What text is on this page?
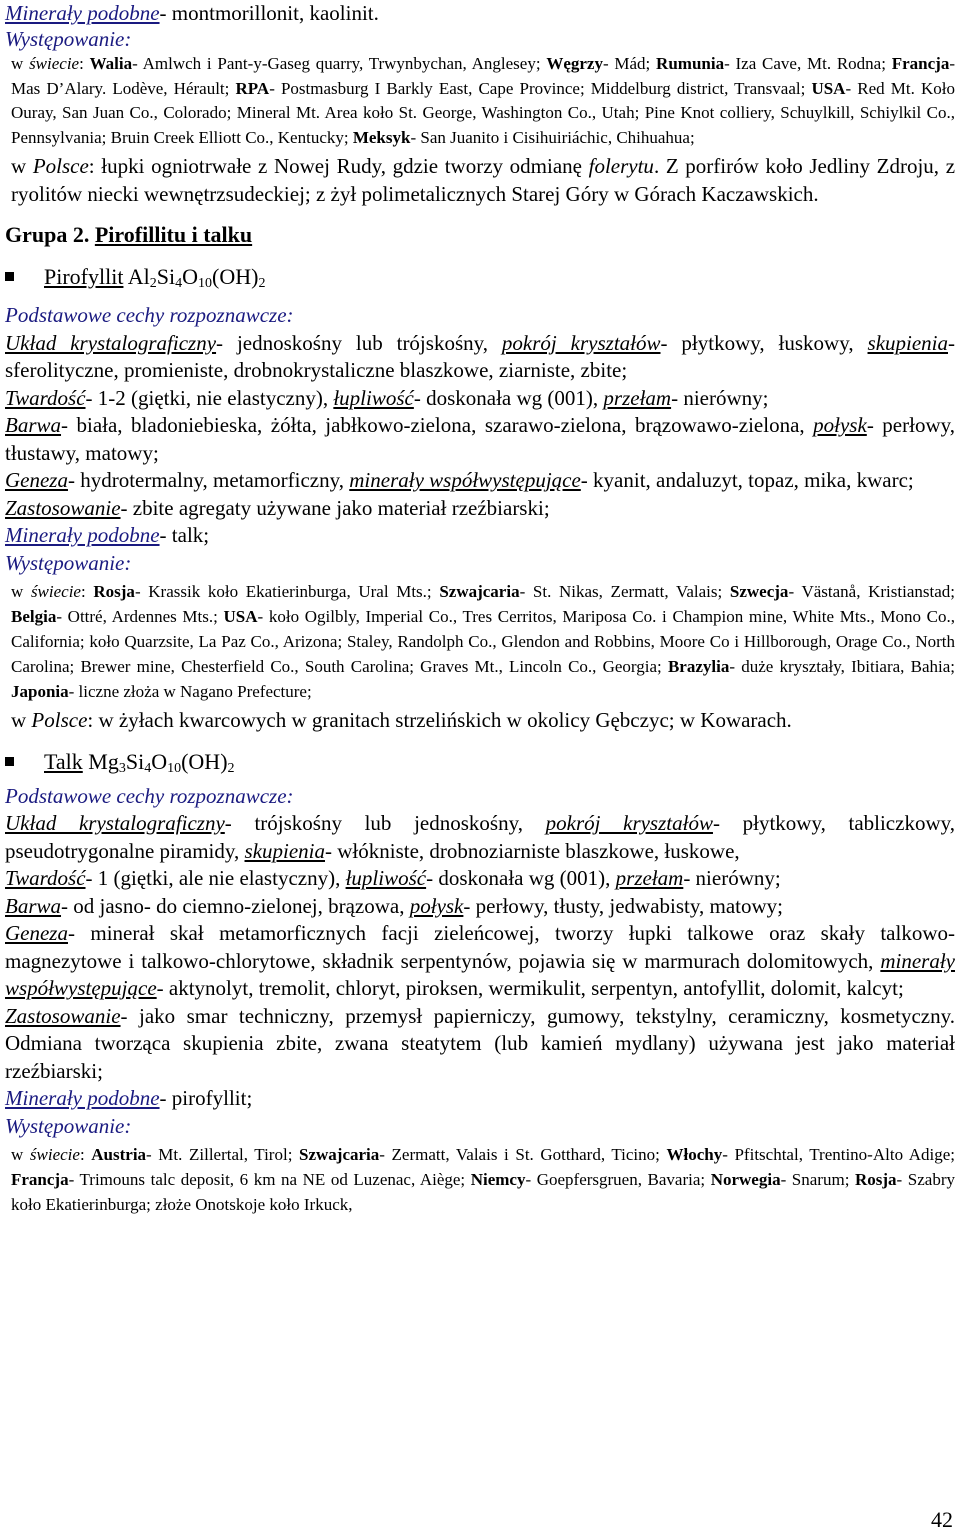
Minerały podobne- montmorillonit, kaolinit.

Występowanie:

w świecie: Walia- Amlwch i Pant-y-Gaseg quarry, Trwynbychan, Anglesey; Węgrzy- Mád; Rumunia- Iza Cave, Mt. Rodna; Francja- Mas D’Alary. Lodève, Hérault; RPA- Postmasburg I Barkly East, Cape Province; Middelburg district, Transvaal; USA- Red Mt. Koło Ouray, San Juan Co., Colorado; Mineral Mt. Area koło St. George, Washington Co., Utah; Pine Knot colliery, Schuylkill, Schiylkil Co., Pennsylvania; Bruin Creek Elliott Co., Kentucky; Meksyk- San Juanito i Cisihuiriáchic, Chihuahua;

w Polsce: łupki ogniotrwałe z Nowej Rudy, gdzie tworzy odmianę folerytu. Z porfirów koło Jedliny Zdroju, z ryolitów niecki wewnętrzsudeckiej; z żył polimetalicznych Starej Góry w Górach Kaczawskich.

Grupa 2. Pirofillitu i talku

Pirofyllit $Al_2Si_4O_{10}(OH)_2$

Podstawowe cechy rozpoznawcze:

Układ krystalograficzny- jednoskośny lub trójskośny, pokrój kryształów- płytkowy, łuskowy, skupienia- sferolityczne, promieniste, drobnokrystaliczne blaszkowe, ziarniste, zbite;

Twardość- 1-2 (giętki, nie elastyczny), łupliwość- doskonała wg (001), przełam- nierówny;

Barwa- biała, bladoniebieska, żółta, jabłkowo-zielona, szarawo-zielona, brązowawo-zielona, połysk- perłowy, tłustawy, matowy;

Geneza- hydrotermalny, metamorficzny, minerały współwystępujące- kyanit, andaluzyt, topaz, mika, kwarc;

Zastosowanie- zbite agregaty używane jako materiał rzeźbiarski;

Minerały podobne- talk;

Występowanie:

w świecie: Rosja- Krassik koło Ekatierinburga, Ural Mts.; Szwajcaria- St. Nikas, Zermatt, Valais; Szwecja- Västanå, Kristianstad; Belgia- Ottré, Ardennes Mts.; USA- koło Ogilbly, Imperial Co., Tres Cerritos, Mariposa Co. i Champion mine, White Mts., Mono Co., California; koło Quarzsite, La Paz Co., Arizona; Staley, Randolph Co., Glendon and Robbins, Moore Co i Hillborough, Orage Co., North Carolina; Brewer mine, Chesterfield Co., South Carolina; Graves Mt., Lincoln Co., Georgia; Brazylia- duże kryształy, Ibitiara, Bahia; Japonia- liczne złoża w Nagano Prefecture;

w Polsce: w żyłach kwarcowych w granitach strzelińskich w okolicy Gębczyc; w Kowarach.

Talk $Mg_3Si_4O_{10}(OH)_2$

Podstawowe cechy rozpoznawcze:

Układ krystalograficzny- trójskośny lub jednoskośny, pokrój kryształów- płytkowy, tabliczkowy, pseudotrygonalne piramidy, skupienia- włókniste, drobnoziarniste blaszkowe, łuskowe,

Twardość- 1 (giętki, ale nie elastyczny), łupliwość- doskonała wg (001), przełam- nierówny;

Barwa- od jasno- do ciemno-zielonej, brązowa, połysk- perłowy, tłusty, jedwabisty, matowy;

Geneza- minerał skał metamorficznych facji zieleńcowej, tworzy łupki talkowe oraz skały talkowo- magnezytowe i talkowo-chlorytowe, składnik serpentynów, pojawia się w marmurach dolomitowych, minerały współwystępujące- aktynolyt, tremolit, chloryt, piroksen, wermikulit, serpentyn, antofyllit, dolomit, kalcyt;

Zastosowanie- jako smar techniczny, przemysł papierniczy, gumowy, tekstylny, ceramiczny, kosmetyczny. Odmiana tworząca skupienia zbite, zwana steatytem (lub kamień mydlany) używana jest jako materiał rzeźbiarski;

Minerały podobne- pirofyllit;

Występowanie:

w świecie: Austria- Mt. Zillertal, Tirol; Szwajcaria- Zermatt, Valais i St. Gotthard, Ticino; Włochy- Pfitschtal, Trentino-Alto Adige; Francja- Trimouns talc deposit, 6 km na NE od Luzenac, Aiège; Niemcy- Goepfersgruen, Bavaria; Norwegia- Snarum; Rosja- Szabry koło Ekatierinburga; złoże Onotskoje koło Irkuck,

42
